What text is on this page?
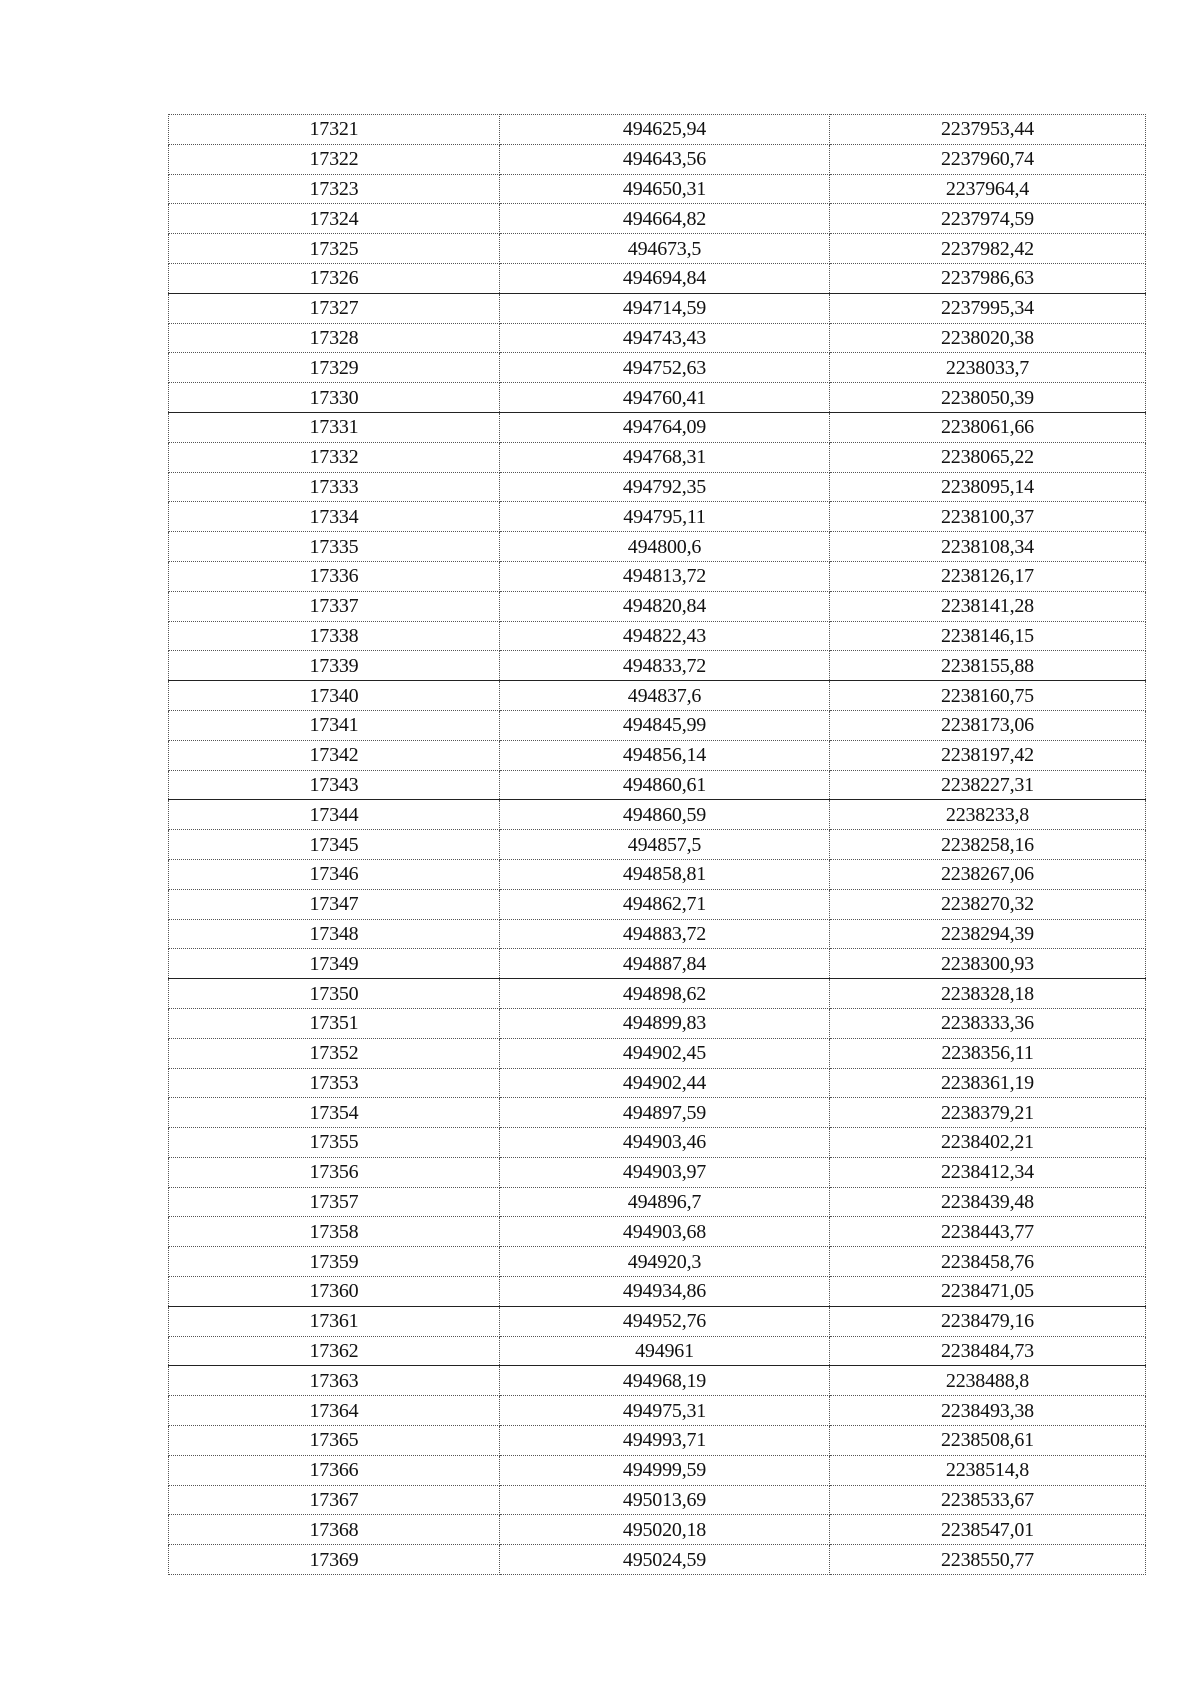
17321	494625,94	2237953,44
17322	494643,56	2237960,74
17323	494650,31	2237964,4
17324	494664,82	2237974,59
17325	494673,5	2237982,42
17326	494694,84	2237986,63
17327	494714,59	2237995,34
17328	494743,43	2238020,38
17329	494752,63	2238033,7
17330	494760,41	2238050,39
17331	494764,09	2238061,66
17332	494768,31	2238065,22
17333	494792,35	2238095,14
17334	494795,11	2238100,37
17335	494800,6	2238108,34
17336	494813,72	2238126,17
17337	494820,84	2238141,28
17338	494822,43	2238146,15
17339	494833,72	2238155,88
17340	494837,6	2238160,75
17341	494845,99	2238173,06
17342	494856,14	2238197,42
17343	494860,61	2238227,31
17344	494860,59	2238233,8
17345	494857,5	2238258,16
17346	494858,81	2238267,06
17347	494862,71	2238270,32
17348	494883,72	2238294,39
17349	494887,84	2238300,93
17350	494898,62	2238328,18
17351	494899,83	2238333,36
17352	494902,45	2238356,11
17353	494902,44	2238361,19
17354	494897,59	2238379,21
17355	494903,46	2238402,21
17356	494903,97	2238412,34
17357	494896,7	2238439,48
17358	494903,68	2238443,77
17359	494920,3	2238458,76
17360	494934,86	2238471,05
17361	494952,76	2238479,16
17362	494961	2238484,73
17363	494968,19	2238488,8
17364	494975,31	2238493,38
17365	494993,71	2238508,61
17366	494999,59	2238514,8
17367	495013,69	2238533,67
17368	495020,18	2238547,01
17369	495024,59	2238550,77
